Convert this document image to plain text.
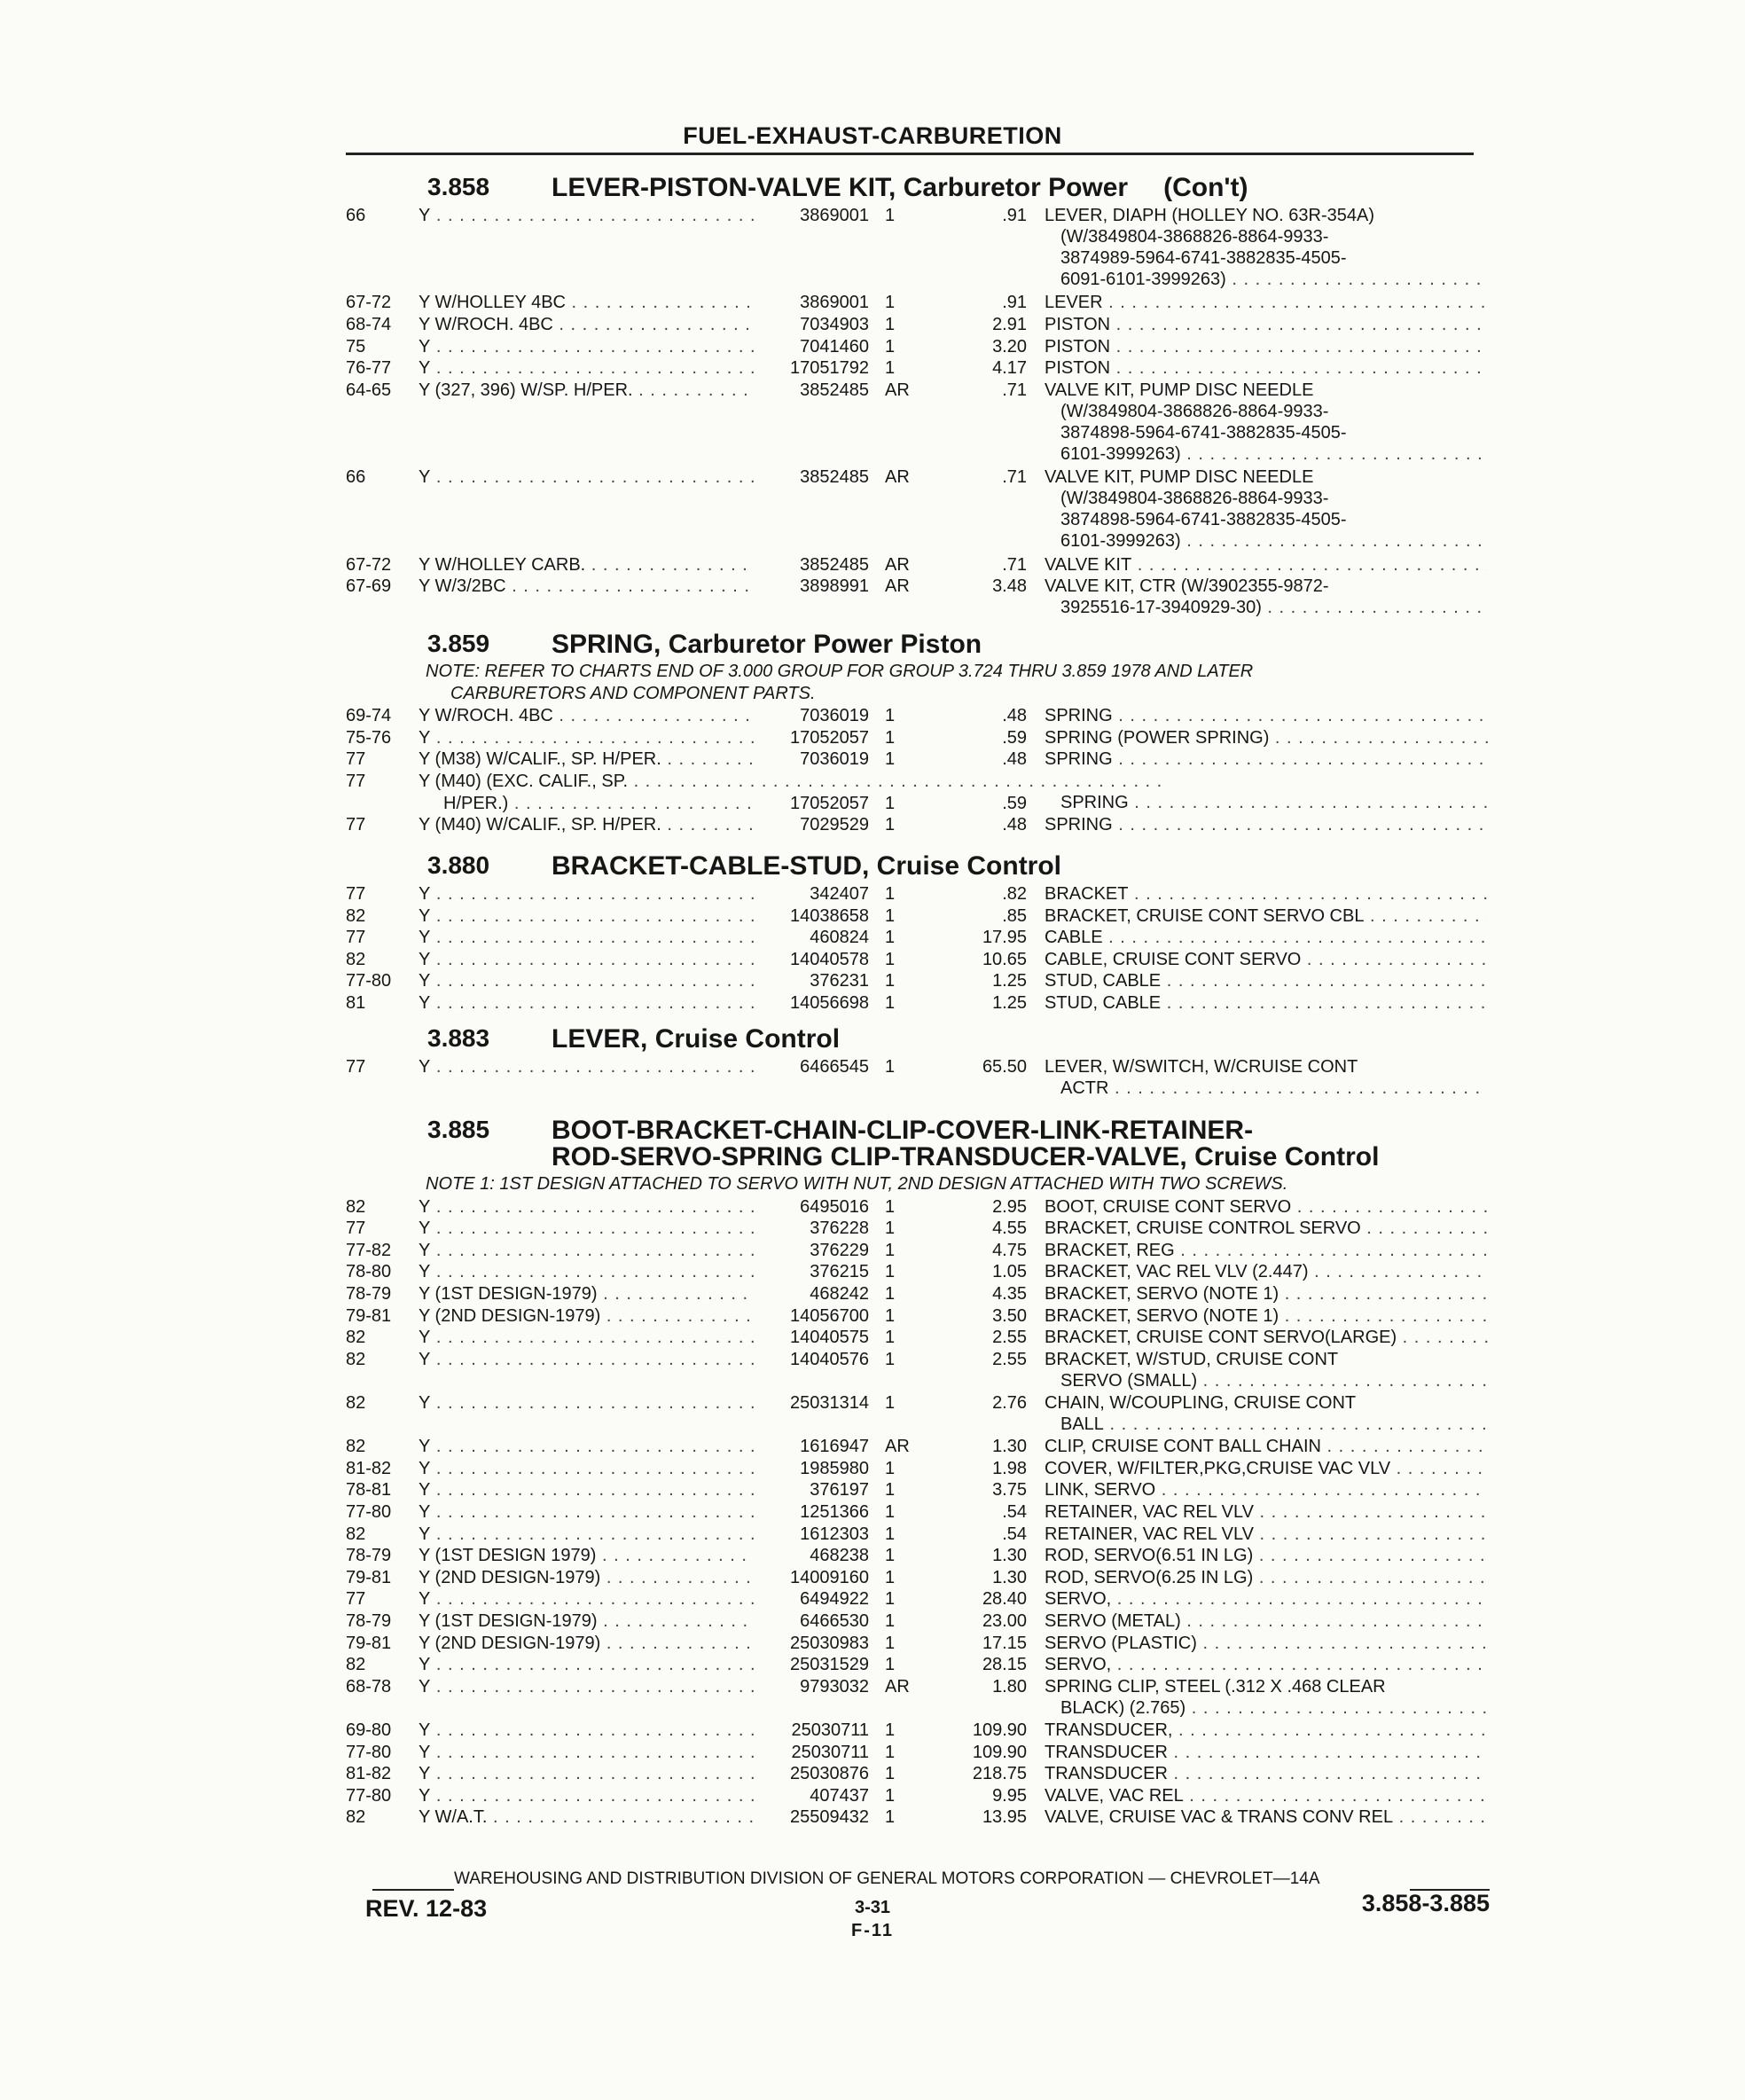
FUEL-EXHAUST-CARBURETION
3.858 LEVER-PISTON-VALVE KIT, Carburetor Power (Con't)
66	Y . . .	3869001 1	.91 LEVER, DIAPH (HOLLEY NO. 63R-354A)
(W/3849804-3868826-8864-9933-
3874989-5964-6741-3882835-4505-
6091-6101-3999263) . . .
67-72	Y W/HOLLEY 4BC . . .	3869001 1	.91 LEVER . . .
68-74	Y W/ROCH. 4BC . . .	7034903 1	2.91 PISTON . . .
75	Y . . .	7041460 1	3.20 PISTON . . .
76-77	Y . . .	17051792 1	4.17 PISTON . . .
64-65	Y (327, 396) W/SP. H/PER. . . .	3852485 AR	.71 VALVE KIT, PUMP DISC NEEDLE
(W/3849804-3868826-8864-9933-
3874898-5964-6741-3882835-4505-
6101-3999263) . . .
66	Y . . .	3852485 AR	.71 VALVE KIT, PUMP DISC NEEDLE
(W/3849804-3868826-8864-9933-
3874898-5964-6741-3882835-4505-
6101-3999263) . . .
67-72	Y W/HOLLEY CARB. . . .	3852485 AR	.71 VALVE KIT . . .
67-69	Y W/3/2BC . . .	3898991 AR	3.48 VALVE KIT, CTR (W/3902355-9872-
3925516-17-3940929-30) . . .
3.859 SPRING, Carburetor Power Piston
NOTE: REFER TO CHARTS END OF 3.000 GROUP FOR GROUP 3.724 THRU 3.859 1978 AND LATER
CARBURETORS AND COMPONENT PARTS.
69-74	Y W/ROCH. 4BC . . .	7036019 1	.48 SPRING . . .
75-76	Y . . .	17052057 1	.59 SPRING (POWER SPRING) . . .
77	Y (M38) W/CALIF., SP. H/PER. . . .	7036019 1	.48 SPRING . . .
77	Y (M40) (EXC. CALIF., SP. . . .
H/PER.) . . .	17052057 1	.59	SPRING . . .
77	Y (M40) W/CALIF., SP. H/PER. . . .	7029529 1	.48 SPRING . . .
3.880 BRACKET-CABLE-STUD, Cruise Control
77	Y . . .	342407 1	.82 BRACKET . . .
82	Y . . .	14038658 1	.85 BRACKET, CRUISE CONT SERVO CBL . . .
77	Y . . .	460824 1	17.95 CABLE . . .
82	Y . . .	14040578 1	10.65 CABLE, CRUISE CONT SERVO . . .
77-80	Y . . .	376231 1	1.25 STUD, CABLE . . .
81	Y . . .	14056698 1	1.25 STUD, CABLE . . .
3.883 LEVER, Cruise Control
77	Y . . .	6466545 1	65.50 LEVER, W/SWITCH, W/CRUISE CONT
ACTR . . .
3.885 BOOT-BRACKET-CHAIN-CLIP-COVER-LINK-RETAINER-
ROD-SERVO-SPRING CLIP-TRANSDUCER-VALVE, Cruise Control
NOTE 1: 1ST DESIGN ATTACHED TO SERVO WITH NUT, 2ND DESIGN ATTACHED WITH TWO SCREWS.
82	Y . . .	6495016 1	2.95 BOOT, CRUISE CONT SERVO . . .
77	Y . . .	376228 1	4.55 BRACKET, CRUISE CONTROL SERVO . . .
77-82	Y . . .	376229 1	4.75 BRACKET, REG . . .
78-80	Y . . .	376215 1	1.05 BRACKET, VAC REL VLV (2.447) . . .
78-79	Y (1ST DESIGN-1979) . . .	468242 1	4.35 BRACKET, SERVO (NOTE 1) . . .
79-81	Y (2ND DESIGN-1979) . . .	14056700 1	3.50 BRACKET, SERVO (NOTE 1) . . .
82	Y . . .	14040575 1	2.55 BRACKET, CRUISE CONT SERVO(LARGE) . . .
82	Y . . .	14040576 1	2.55 BRACKET, W/STUD, CRUISE CONT
SERVO (SMALL) . . .
82	Y . . .	25031314 1	2.76 CHAIN, W/COUPLING, CRUISE CONT
BALL . . .
82	Y . . .	1616947 AR	1.30 CLIP, CRUISE CONT BALL CHAIN . . .
81-82	Y . . .	1985980 1	1.98 COVER, W/FILTER,PKG,CRUISE VAC VLV . . .
78-81	Y . . .	376197 1	3.75 LINK, SERVO . . .
77-80	Y . . .	1251366 1	.54 RETAINER, VAC REL VLV . . .
82	Y . . .	1612303 1	.54 RETAINER, VAC REL VLV . . .
78-79	Y (1ST DESIGN 1979) . . .	468238 1	1.30 ROD, SERVO(6.51 IN LG) . . .
79-81	Y (2ND DESIGN-1979) . . .	14009160 1	1.30 ROD, SERVO(6.25 IN LG) . . .
77	Y . . .	6494922 1	28.40 SERVO, . . .
78-79	Y (1ST DESIGN-1979) . . .	6466530 1	23.00 SERVO (METAL) . . .
79-81	Y (2ND DESIGN-1979) . . .	25030983 1	17.15 SERVO (PLASTIC) . . .
82	Y . . .	25031529 1	28.15 SERVO, . . .
68-78	Y . . .	9793032 AR	1.80 SPRING CLIP, STEEL (.312 X .468 CLEAR
BLACK) (2.765) . . .
69-80	Y . . .	25030711 1	109.90 TRANSDUCER, . . .
77-80	Y . . .	25030711 1	109.90 TRANSDUCER . . .
81-82	Y . . .	25030876 1	218.75 TRANSDUCER . . .
77-80	Y . . .	407437 1	9.95 VALVE, VAC REL . . .
82	Y W/A.T. . . .	25509432 1	13.95 VALVE, CRUISE VAC & TRANS CONV REL . . .
WAREHOUSING AND DISTRIBUTION DIVISION OF GENERAL MOTORS CORPORATION — CHEVROLET—14A
REV. 12-83	3-31
F-11
3.858-3.885
